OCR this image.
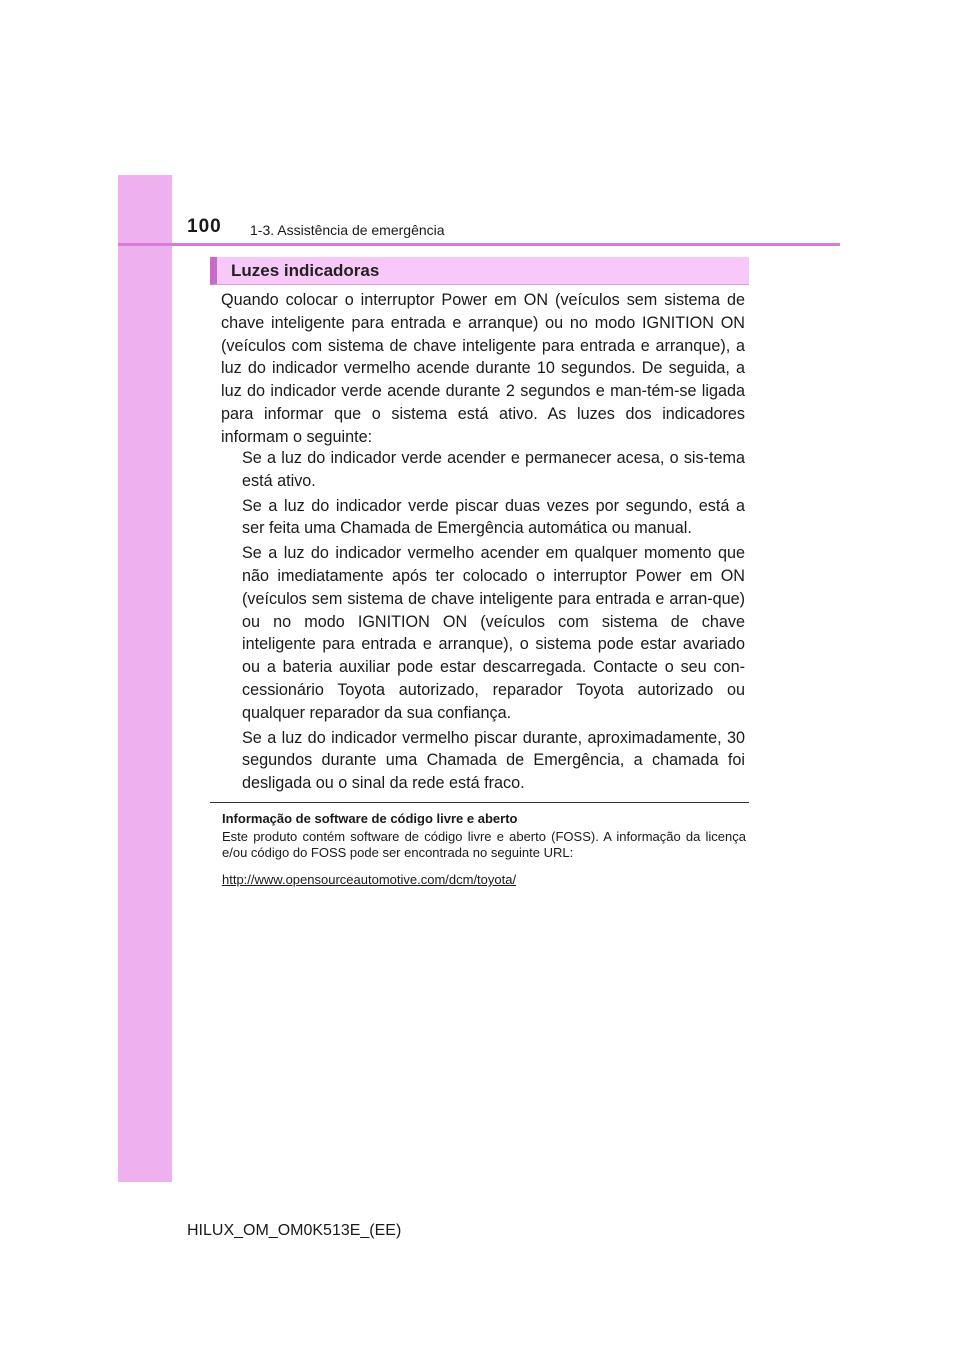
100 1-3. Assistência de emergência
Luzes indicadoras

Quando colocar o interruptor Power em ON (veículos sem sistema de chave inteligente para entrada e arranque) ou no modo IGNITION ON (veículos com sistema de chave inteligente para entrada e arranque), a luz do indicador vermelho acende durante 10 segundos. De seguida, a luz do indicador verde acende durante 2 segundos e man-tém-se ligada para informar que o sistema está ativo. As luzes dos indicadores informam o seguinte:

Se a luz do indicador verde acender e permanecer acesa, o sis-tema está ativo.
Se a luz do indicador verde piscar duas vezes por segundo, está a ser feita uma Chamada de Emergência automática ou manual.
Se a luz do indicador vermelho acender em qualquer momento que não imediatamente após ter colocado o interruptor Power em ON (veículos sem sistema de chave inteligente para entrada e arran-que) ou no modo IGNITION ON (veículos com sistema de chave inteligente para entrada e arranque), o sistema pode estar avariado ou a bateria auxiliar pode estar descarregada. Contacte o seu con-cessionário Toyota autorizado, reparador Toyota autorizado ou qualquer reparador da sua confiança.
Se a luz do indicador vermelho piscar durante, aproximadamente, 30 segundos durante uma Chamada de Emergência, a chamada foi desligada ou o sinal da rede está fraco.
Informação de software de código livre e aberto

Este produto contém software de código livre e aberto (FOSS). A informação da licença e/ou código do FOSS pode ser encontrada no seguinte URL:

http://www.opensourceautomotive.com/dcm/toyota/
HILUX_OM_OM0K513E_(EE)
